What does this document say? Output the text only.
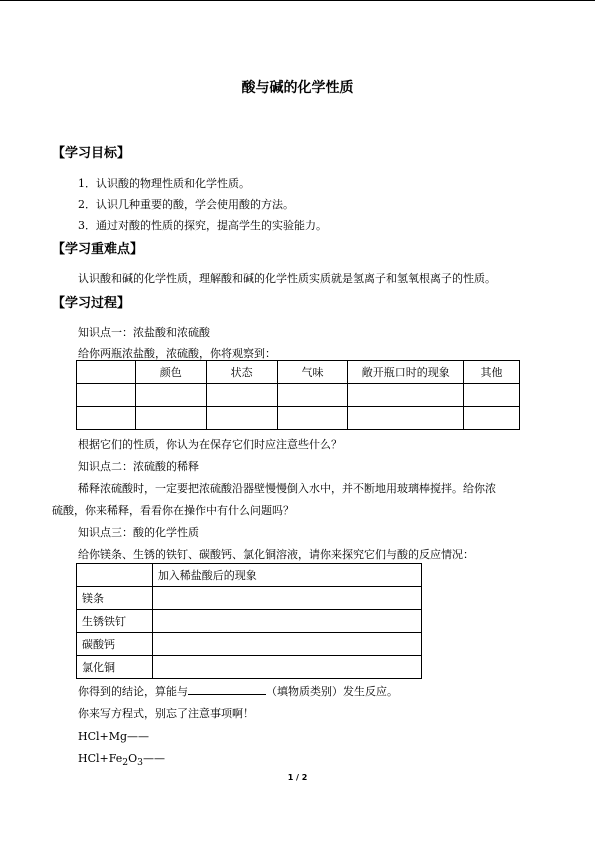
酸与碱的化学性质
【学习目标】
1．认识酸的物理性质和化学性质。
2．认识几种重要的酸，学会使用酸的方法。
3．通过对酸的性质的探究，提高学生的实验能力。
【学习重难点】
认识酸和碱的化学性质，理解酸和碱的化学性质实质就是氢离子和氢氧根离子的性质。
【学习过程】
知识点一：浓盐酸和浓硫酸
给你两瓶浓盐酸，浓硫酸，你将观察到：
	颜色	状态	气味	敞开瓶口时的现象	其他

根据它们的性质，你认为在保存它们时应注意些什么？
知识点二：浓硫酸的稀释
稀释浓硫酸时，一定要把浓硫酸沿器壁慢慢倒入水中，并不断地用玻璃棒搅拌。给你浓
硫酸，你来稀释，看看你在操作中有什么问题吗？
知识点三：酸的化学性质
给你镁条、生锈的铁钉、碳酸钙、氯化铜溶液，请你来探究它们与酸的反应情况：
	加入稀盐酸后的现象
镁条	
生锈铁钉	
碳酸钙	
氯化铜	
你得到的结论，算能与	（填物质类别）发生反应。
你来写方程式，别忘了注意事项啊！
HCl+Mg——
$HCl+Fe_2O_3——$
1 / 2
